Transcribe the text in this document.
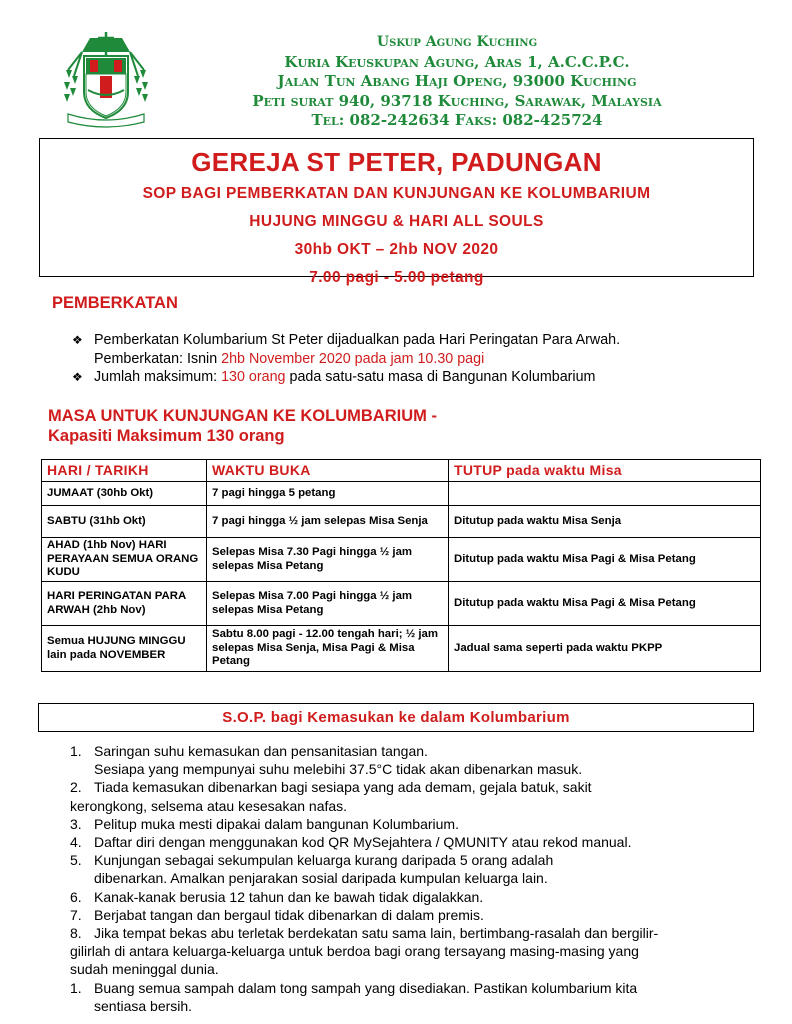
Uskup Agung Kuching
Kuria Keuskupan Agung, Aras 1, A.C.C.P.C.
Jalan Tun Abang Haji Openg, 93000 Kuching
Peti surat 940, 93718 Kuching, Sarawak, Malaysia
Tel: 082-242634 Faks: 082-425724
GEREJA ST PETER, PADUNGAN
SOP BAGI PEMBERKATAN DAN KUNJUNGAN KE KOLUMBARIUM
HUJUNG MINGGU & HARI ALL SOULS
30hb OKT – 2hb NOV 2020
7.00 pagi - 5.00 petang
PEMBERKATAN
❖ Pemberkatan Kolumbarium St Peter dijadualkan pada Hari Peringatan Para Arwah.
Pemberkatan: Isnin 2hb November 2020 pada jam 10.30 pagi
❖ Jumlah maksimum: 130 orang pada satu-satu masa di Bangunan Kolumbarium
MASA UNTUK KUNJUNGAN KE KOLUMBARIUM -
Kapasiti Maksimum 130 orang
HARI / TARIKH	WAKTU BUKA	TUTUP pada waktu Misa
JUMAAT (30hb Okt)	7 pagi hingga 5 petang	
SABTU (31hb Okt)	7 pagi hingga ½ jam selepas Misa Senja	Ditutup pada waktu Misa Senja
AHAD (1hb Nov) HARI PERAYAAN SEMUA ORANG KUDU	Selepas Misa 7.30 Pagi hingga ½ jam selepas Misa Petang	Ditutup pada waktu Misa Pagi & Misa Petang
HARI PERINGATAN PARA ARWAH (2hb Nov)	Selepas Misa 7.00 Pagi hingga ½ jam selepas Misa Petang	Ditutup pada waktu Misa Pagi & Misa Petang
Semua HUJUNG MINGGU lain pada NOVEMBER	Sabtu 8.00 pagi - 12.00 tengah hari; ½ jam selepas Misa Senja, Misa Pagi & Misa Petang	Jadual sama seperti pada waktu PKPP
S.O.P. bagi Kemasukan ke dalam Kolumbarium
1. Saringan suhu kemasukan dan pensanitasian tangan.
Sesiapa yang mempunyai suhu melebihi 37.5°C tidak akan dibenarkan masuk.
2. Tiada kemasukan dibenarkan bagi sesiapa yang ada demam, gejala batuk, sakit
kerongkong, selsema atau kesesakan nafas.
3. Pelitup muka mesti dipakai dalam bangunan Kolumbarium.
4. Daftar diri dengan menggunakan kod QR MySejahtera / QMUNITY atau rekod manual.
5. Kunjungan sebagai sekumpulan keluarga kurang daripada 5 orang adalah
dibenarkan. Amalkan penjarakan sosial daripada kumpulan keluarga lain.
6. Kanak-kanak berusia 12 tahun dan ke bawah tidak digalakkan.
7. Berjabat tangan dan bergaul tidak dibenarkan di dalam premis.
8. Jika tempat bekas abu terletak berdekatan satu sama lain, bertimbang-rasalah dan bergilir-
gilirlah di antara keluarga-keluarga untuk berdoa bagi orang tersayang masing-masing yang
sudah meninggal dunia.
1. Buang semua sampah dalam tong sampah yang disediakan. Pastikan kolumbarium kita
sentiasa bersih.
